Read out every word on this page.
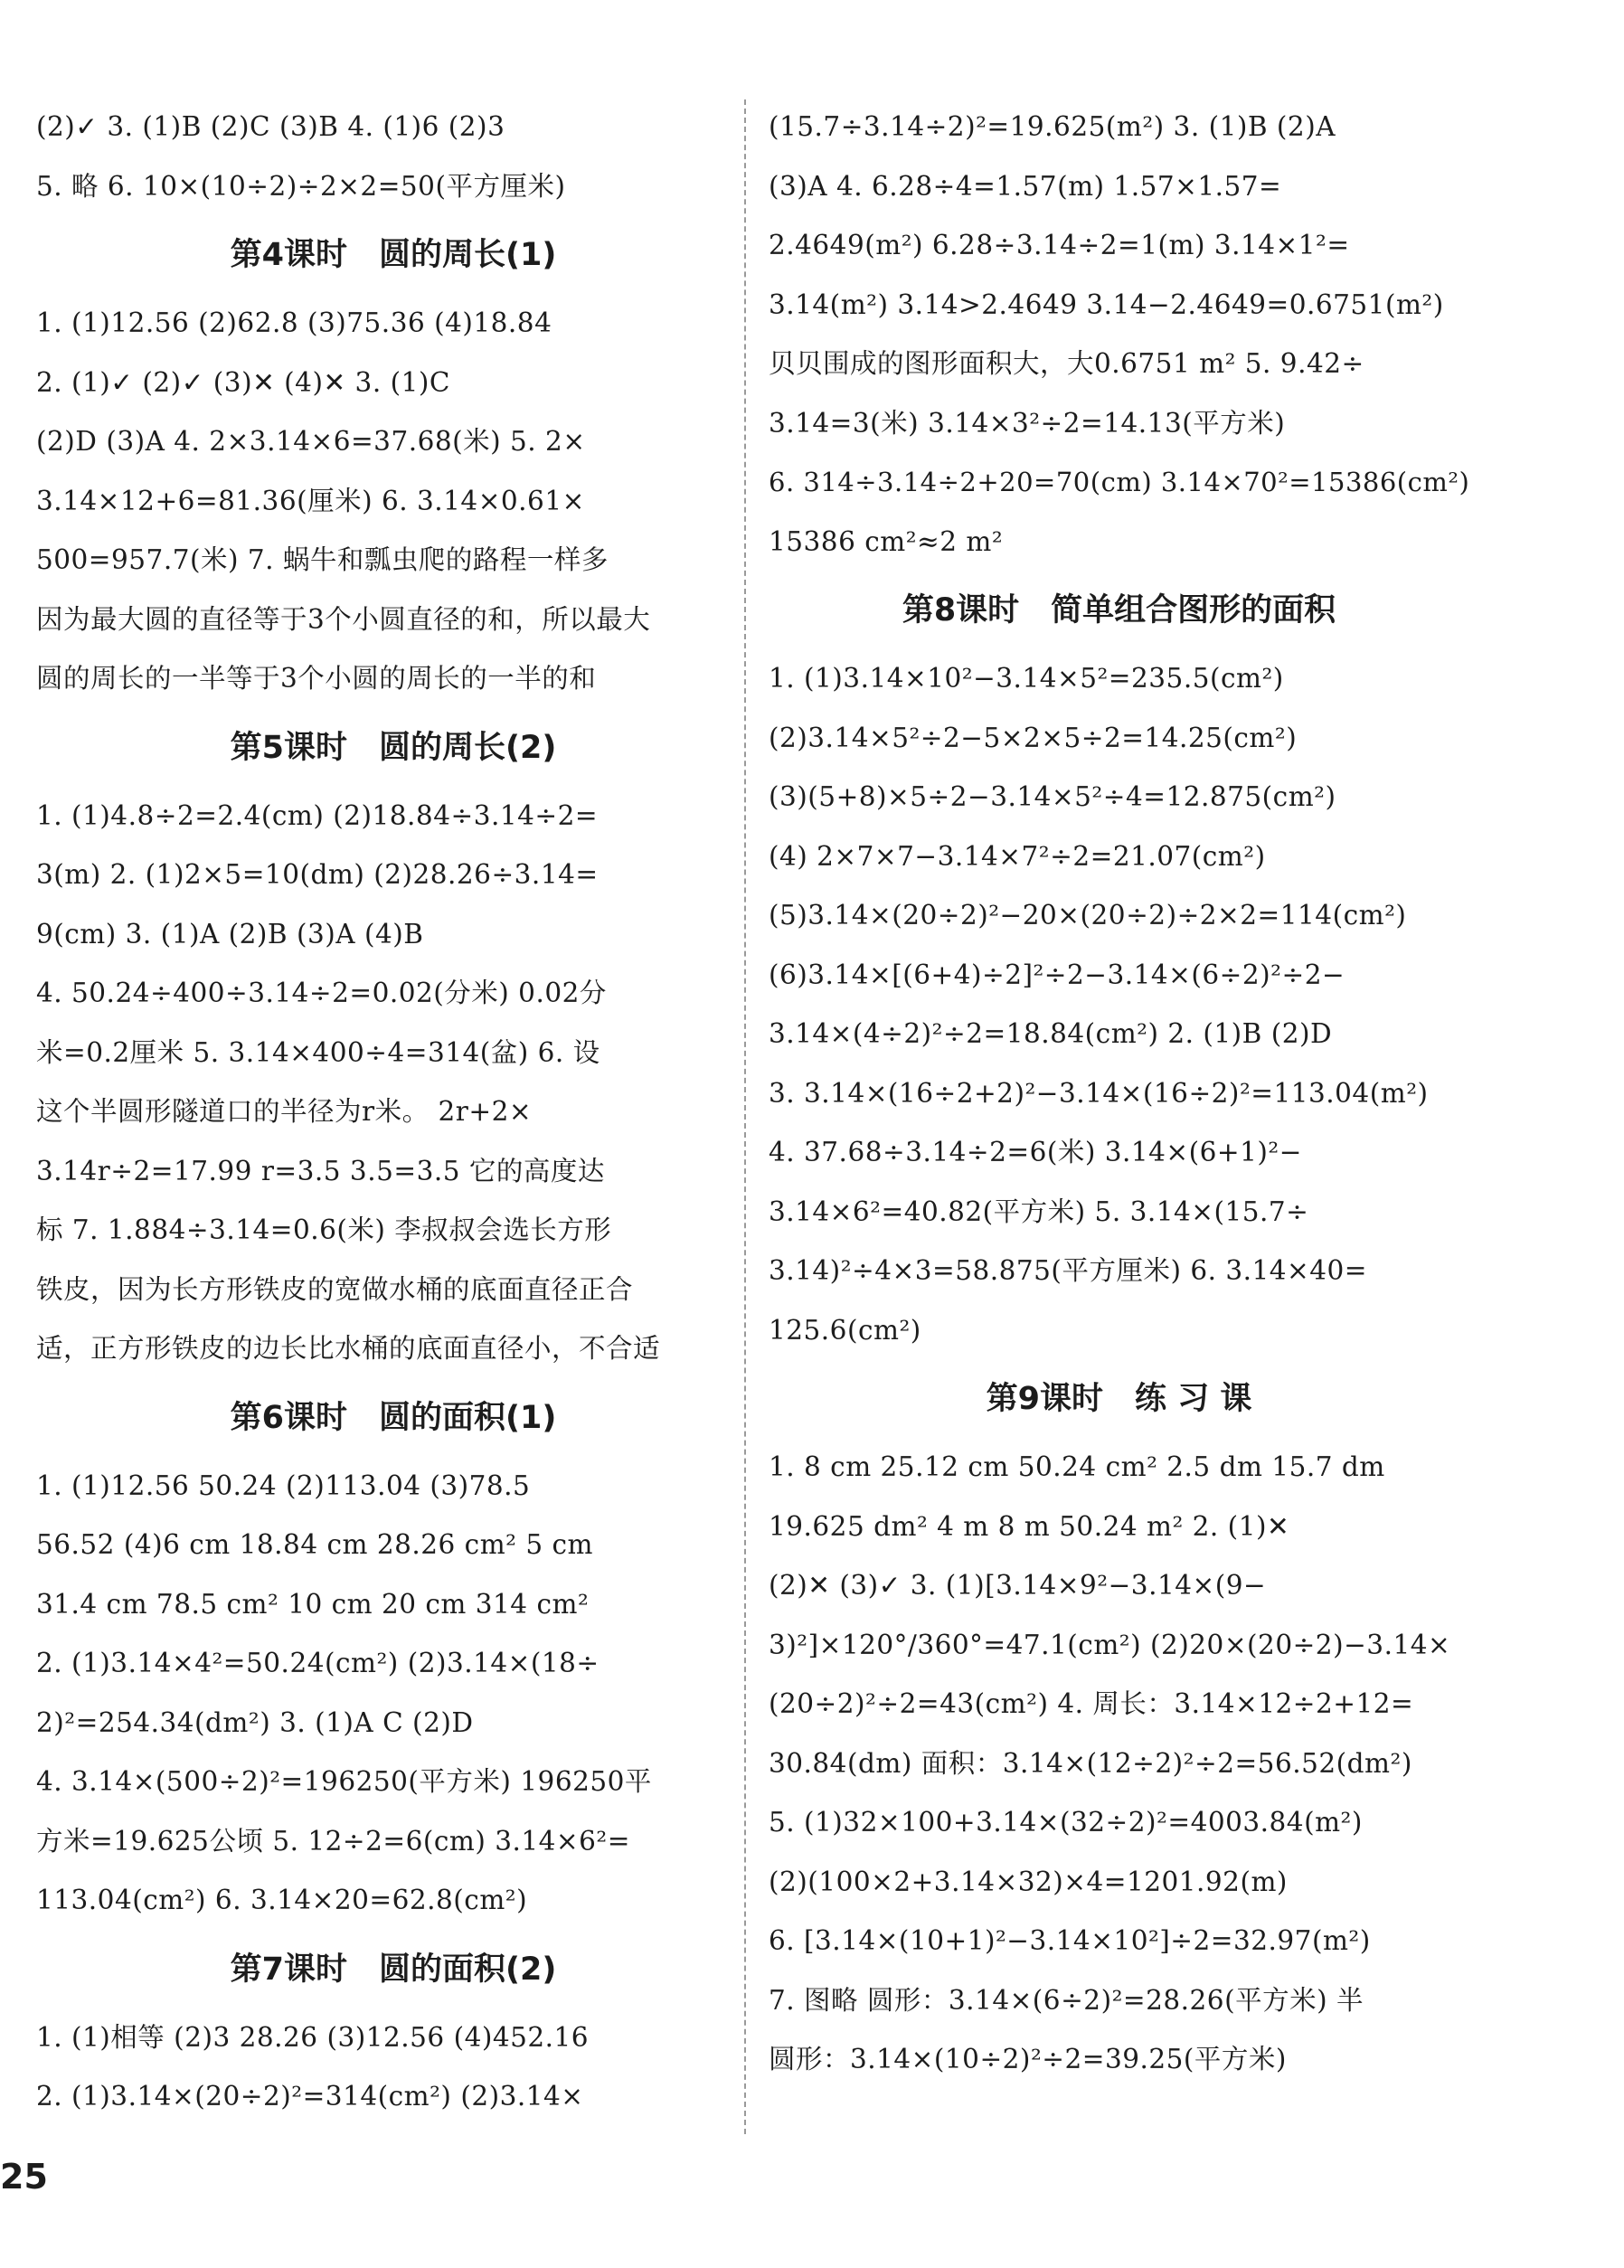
(2)✓ 3. (1)B (2)C (3)B 4. (1)6 (2)3
5. 略 6. 10×(10÷2)÷2×2=50(平方厘米)
第4课时　圆的周长(1)
1. (1)12.56 (2)62.8 (3)75.36 (4)18.84
2. (1)✓ (2)✓ (3)✕ (4)✕ 3. (1)C
(2)D (3)A 4. 2×3.14×6=37.68(米) 5. 2×
3.14×12+6=81.36(厘米) 6. 3.14×0.61×
500=957.7(米) 7. 蜗牛和瓢虫爬的路程一样多
因为最大圆的直径等于3个小圆直径的和，所以最大
圆的周长的一半等于3个小圆的周长的一半的和
第5课时　圆的周长(2)
1. (1)4.8÷2=2.4(cm) (2)18.84÷3.14÷2=
3(m) 2. (1)2×5=10(dm) (2)28.26÷3.14=
9(cm) 3. (1)A (2)B (3)A (4)B
4. 50.24÷400÷3.14÷2=0.02(分米) 0.02分
米=0.2厘米 5. 3.14×400÷4=314(盆) 6. 设
这个半圆形隧道口的半径为r米。 2r+2×
3.14r÷2=17.99 r=3.5 3.5=3.5 它的高度达
标 7. 1.884÷3.14=0.6(米) 李叔叔会选长方形
铁皮，因为长方形铁皮的宽做水桶的底面直径正合
适，正方形铁皮的边长比水桶的底面直径小，不合适
第6课时　圆的面积(1)
1. (1)12.56 50.24 (2)113.04 (3)78.5
56.52 (4)6 cm 18.84 cm 28.26 cm² 5 cm
31.4 cm 78.5 cm² 10 cm 20 cm 314 cm²
2. (1)3.14×4²=50.24(cm²) (2)3.14×(18÷
2)²=254.34(dm²) 3. (1)A C (2)D
4. 3.14×(500÷2)²=196250(平方米) 196250平
方米=19.625公顷 5. 12÷2=6(cm) 3.14×6²=
113.04(cm²) 6. 3.14×20=62.8(cm²)
第7课时　圆的面积(2)
1. (1)相等 (2)3 28.26 (3)12.56 (4)452.16
2. (1)3.14×(20÷2)²=314(cm²) (2)3.14×
(15.7÷3.14÷2)²=19.625(m²) 3. (1)B (2)A
(3)A 4. 6.28÷4=1.57(m) 1.57×1.57=
2.4649(m²) 6.28÷3.14÷2=1(m) 3.14×1²=
3.14(m²) 3.14>2.4649 3.14−2.4649=0.6751(m²)
贝贝围成的图形面积大，大0.6751 m² 5. 9.42÷
3.14=3(米) 3.14×3²÷2=14.13(平方米)
6. 314÷3.14÷2+20=70(cm) 3.14×70²=15386(cm²)
15386 cm²≈2 m²
第8课时　简单组合图形的面积
1. (1)3.14×10²−3.14×5²=235.5(cm²)
(2)3.14×5²÷2−5×2×5÷2=14.25(cm²)
(3)(5+8)×5÷2−3.14×5²÷4=12.875(cm²)
(4) 2×7×7−3.14×7²÷2=21.07(cm²)
(5)3.14×(20÷2)²−20×(20÷2)÷2×2=114(cm²)
(6)3.14×[(6+4)÷2]²÷2−3.14×(6÷2)²÷2−
3.14×(4÷2)²÷2=18.84(cm²) 2. (1)B (2)D
3. 3.14×(16÷2+2)²−3.14×(16÷2)²=113.04(m²)
4. 37.68÷3.14÷2=6(米) 3.14×(6+1)²−
3.14×6²=40.82(平方米) 5. 3.14×(15.7÷
3.14)²÷4×3=58.875(平方厘米) 6. 3.14×40=
125.6(cm²)
第9课时　练 习 课
1. 8 cm 25.12 cm 50.24 cm² 2.5 dm 15.7 dm
19.625 dm² 4 m 8 m 50.24 m² 2. (1)✕
(2)✕ (3)✓ 3. (1)[3.14×9²−3.14×(9−
3)²]×120°/360°=47.1(cm²) (2)20×(20÷2)−3.14×
(20÷2)²÷2=43(cm²) 4. 周长：3.14×12÷2+12=
30.84(dm) 面积：3.14×(12÷2)²÷2=56.52(dm²)
5. (1)32×100+3.14×(32÷2)²=4003.84(m²)
(2)(100×2+3.14×32)×4=1201.92(m)
6. [3.14×(10+1)²−3.14×10²]÷2=32.97(m²)
7. 图略 圆形：3.14×(6÷2)²=28.26(平方米) 半
圆形：3.14×(10÷2)²÷2=39.25(平方米)
25
